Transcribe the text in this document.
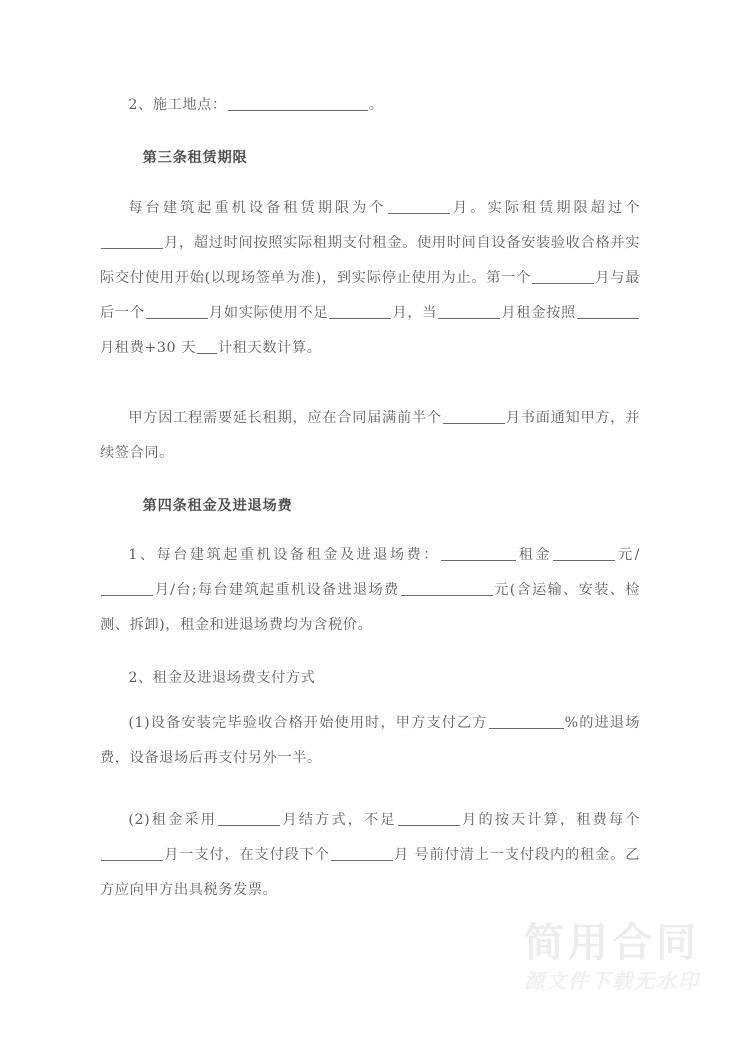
2、施工地点：	。

第三条租赁期限

每台建筑起重机设备租赁期限为个	月。实际租赁期限超过个月，超过时间按照实际租期支付租金。使用时间自设备安装验收合格并实际交付使用开始(以现场签单为准)，到实际停止使用为止。第一个	月与最后一个	月如实际使用不足	月，当	月租金按照月租费+30 天 计租天数计算。

甲方因工程需要延长租期，应在合同届满前半个	月书面通知甲方，并续签合同。

第四条租金及进退场费

1、每台建筑起重机设备租金及进退场费：	租金	元/月/台;每台建筑起重机设备进退场费	元(含运输、安装、检测、拆卸)，租金和进退场费均为含税价。

2、租金及进退场费支付方式

(1)设备安装完毕验收合格开始使用时，甲方支付乙方	%的进退场费，设备退场后再支付另外一半。

(2)租金采用	月结方式，不足	月的按天计算，租费每个月一支付，在支付段下个	月 号前付清上一支付段内的租金。乙方应向甲方出具税务发票。

简用合同
源文件下载无水印
